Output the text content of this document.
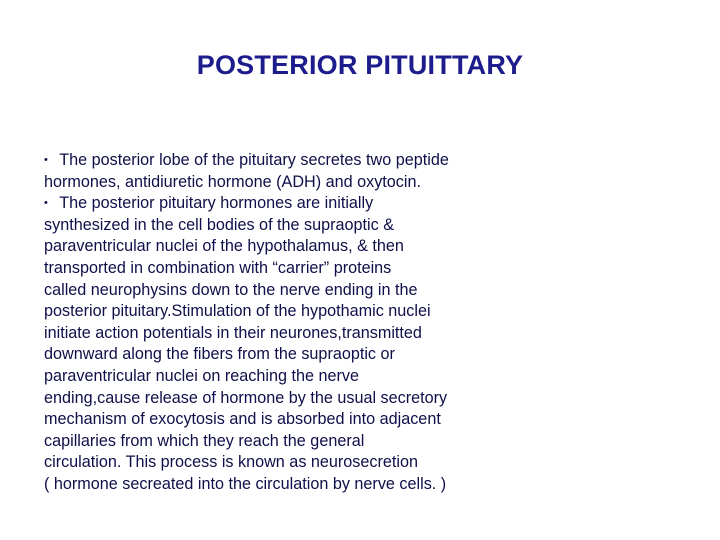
POSTERIOR PITUITTARY
• The posterior lobe of the pituitary secretes two peptide
hormones, antidiuretic hormone (ADH) and oxytocin.
• The posterior pituitary hormones are initially
synthesized in the cell bodies of the supraoptic &
paraventricular nuclei of the hypothalamus, & then
transported in combination with “carrier” proteins
called neurophysins down to the nerve ending in the
posterior pituitary.Stimulation of the hypothamic nuclei
initiate action potentials in their neurones,transmitted
downward along the fibers from the supraoptic or
paraventricular nuclei on reaching the nerve
ending,cause release of hormone by the usual secretory
mechanism of exocytosis and is absorbed into adjacent
capillaries from which they reach the general
circulation. This process is known as neurosecretion
( hormone secreated into the circulation by nerve cells. )
